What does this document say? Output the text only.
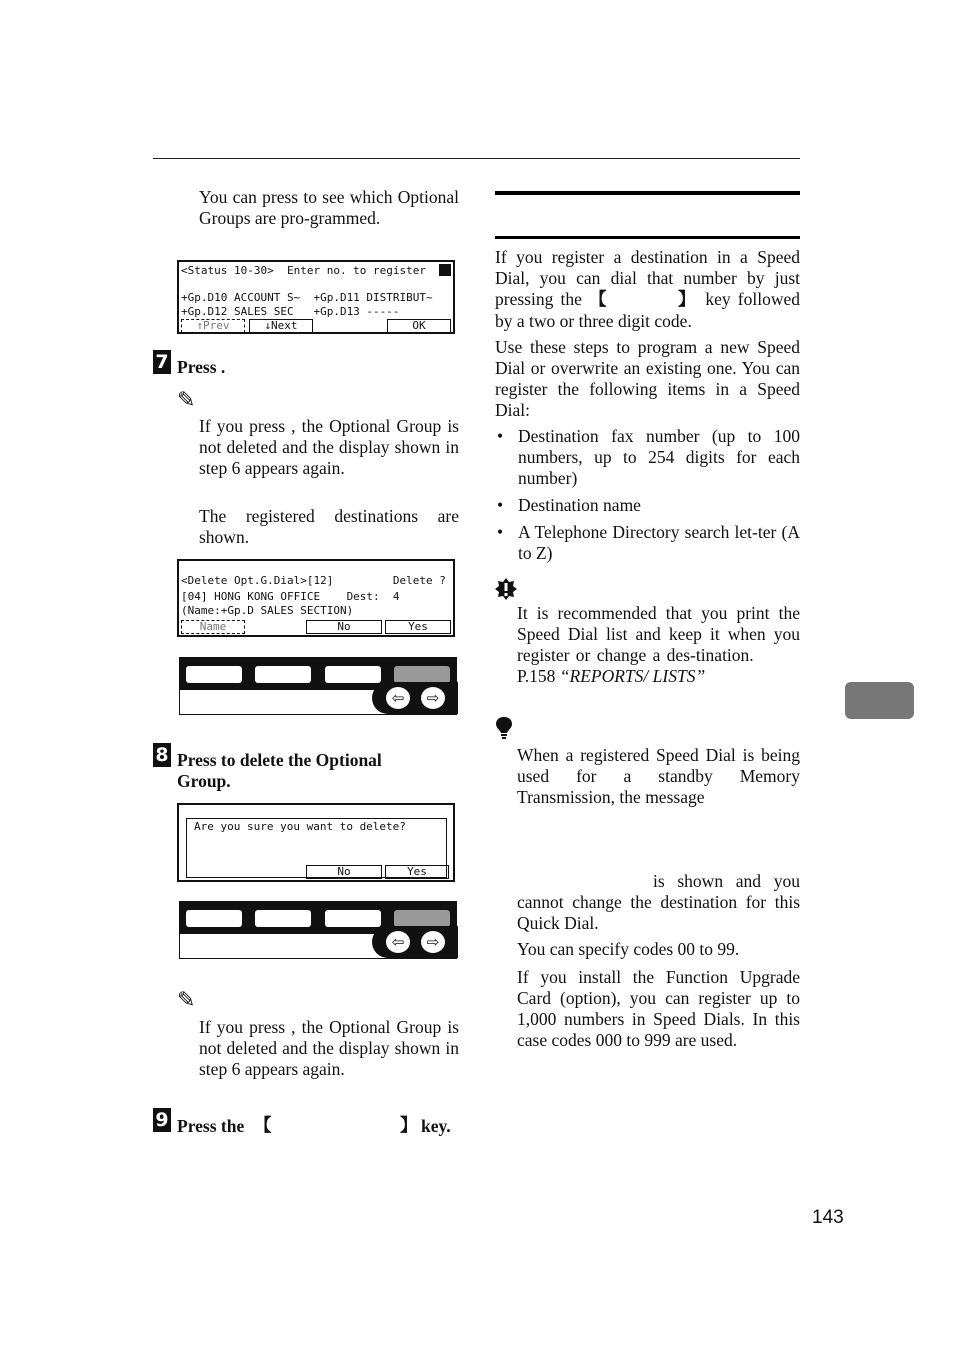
You can press to see which Optional Groups are pro-grammed.
<Status 10-30>  Enter no. to register
+Gp.D10 ACCOUNT S~  +Gp.D11 DISTRIBUT~
+Gp.D12 SALES SEC   +Gp.D13 -----
↑Prev	↓Next	OK
7 Press .
✎
If you press , the Optional Group is not deleted and the display shown in step 6 appears again.
The registered destinations are shown.
<Delete Opt.G.Dial>[12]         Delete ?
[04] HONG KONG OFFICE    Dest:  4
(Name:+Gp.D SALES SECTION)
Name	No	Yes
⇦	⇨
8 Press to delete the Optional
Group.
Are you sure you want to delete?
No	Yes
⇦	⇨
✎
If you press , the Optional Group is not deleted and the display shown in step 6 appears again.
9 Press the 【	】 key.
If you register a destination in a Speed Dial, you can dial that number by just pressing the 【	】 key followed by a two or three digit code.
Use these steps to program a new Speed Dial or overwrite an existing one. You can register the following items in a Speed Dial:
• Destination fax number (up to 100 numbers, up to 254 digits for each number)
• Destination name
• A Telephone Directory search let-ter (A to Z)
It is recommended that you print the Speed Dial list and keep it when you register or change a des-tination. P.158 “REPORTS/ LISTS”
When a registered Speed Dial is being used for a standby Memory Transmission, the message
is shown and you cannot change the destination for this Quick Dial.
You can specify codes 00 to 99.
If you install the Function Upgrade Card (option), you can register up to 1,000 numbers in Speed Dials. In this case codes 000 to 999 are used.
143
